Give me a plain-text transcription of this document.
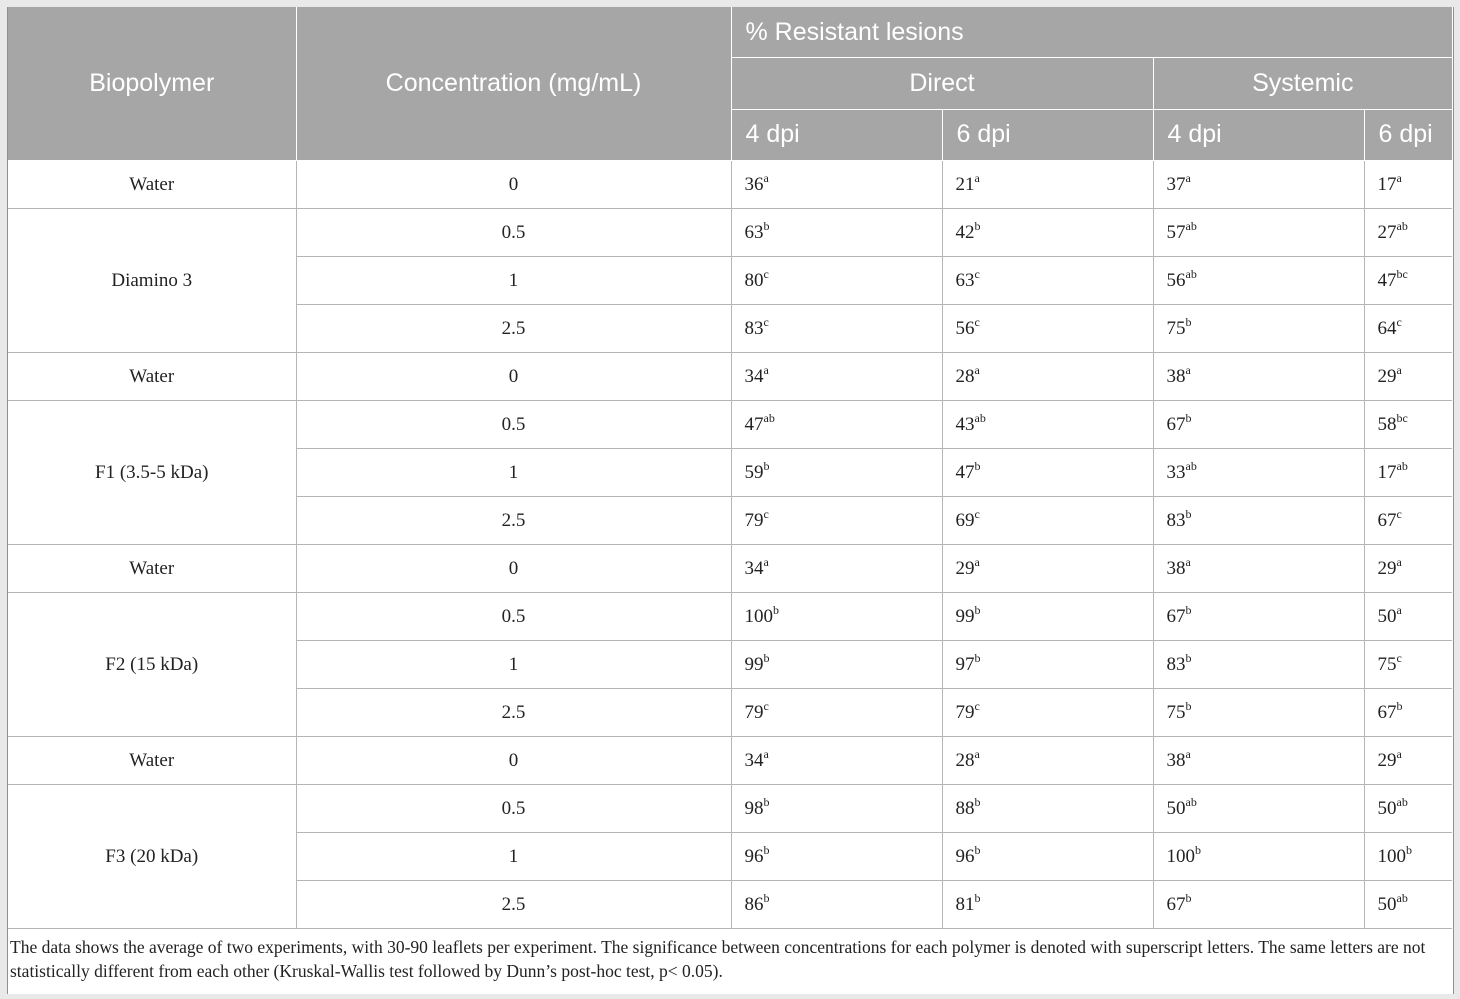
Biopolymer	Concentration (mg/mL)	% Resistant lesions			
		Direct		Systemic	
		4 dpi	6 dpi	4 dpi	6 dpi
Water	0	36$^a$	21$^a$	37$^a$	17$^a$
Diamino 3	0.5	63$^b$	42$^b$	$57^{ab}$	$27^{ab}$
	1	80$^c$	63$^c$	$56^{ab}$	$47^{bc}$
	2.5	83$^c$	56$^c$	75$^b$	64$^c$
Water	0	34$^a$	28$^a$	38$^a$	29$^a$
F1 (3.5-5 kDa)	0.5	$47^{ab}$	$43^{ab}$	67$^b$	$58^{bc}$
	1	59$^b$	47$^b$	$33^{ab}$	$17^{ab}$
	2.5	79$^c$	69$^c$	83$^b$	67$^c$
Water	0	34$^a$	29$^a$	38$^a$	29$^a$
F2 (15 kDa)	0.5	100$^b$	99$^b$	67$^b$	50$^a$
	1	99$^b$	97$^b$	83$^b$	75$^c$
	2.5	79$^c$	79$^c$	75$^b$	67$^b$
Water	0	34$^a$	28$^a$	38$^a$	29$^a$
F3 (20 kDa)	0.5	98$^b$	88$^b$	$50^{ab}$	$50^{ab}$
	1	96$^b$	96$^b$	100$^b$	100$^b$
	2.5	86$^b$	81$^b$	67$^b$	$50^{ab}$
The data shows the average of two experiments, with 30-90 leaflets per experiment. The significance between concentrations for each polymer is denoted with superscript letters. The same letters are not statistically different from each other (Kruskal-Wallis test followed by Dunn’s post-hoc test, p< 0.05).
